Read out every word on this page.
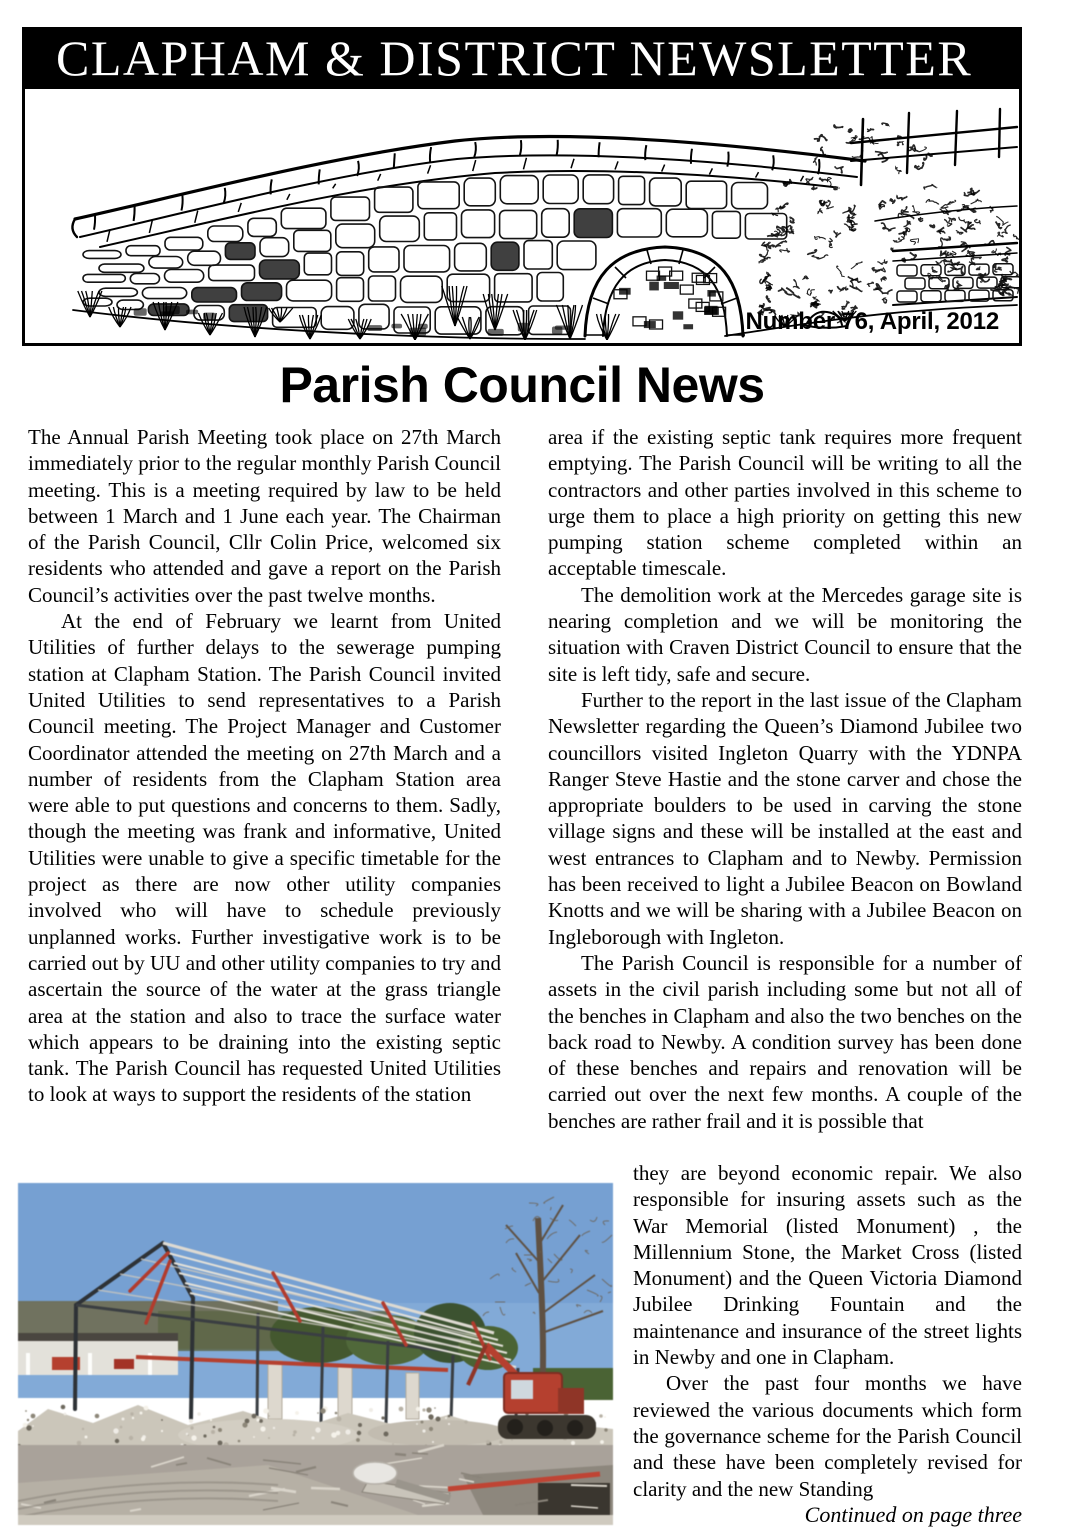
CLAPHAM & DISTRICT NEWSLETTER
Number 76, April, 2012
Parish Council News

The Annual Parish Meeting took place on 27th March immediately prior to the regular monthly Parish Council meeting. This is a meeting required by law to be held between 1 March and 1 June each year. The Chairman of the Parish Council, Cllr Colin Price, welcomed six residents who attended and gave a report on the Parish Council’s activities over the past twelve months.

At the end of February we learnt from United Utilities of further delays to the sewerage pumping station at Clapham Station. The Parish Council invited United Utilities to send representatives to a Parish Council meeting. The Project Manager and Customer Coordinator attended the meeting on 27th March and a number of residents from the Clapham Station area were able to put questions and concerns to them. Sadly, though the meeting was frank and informative, United Utilities were unable to give a specific timetable for the project as there are now other utility companies involved who will have to schedule previously unplanned works. Further investigative work is to be carried out by UU and other utility companies to try and ascertain the source of the water at the grass triangle area at the station and also to trace the surface water which appears to be draining into the existing septic tank. The Parish Council has requested United Utilities to look at ways to support the residents of the station

area if the existing septic tank requires more frequent emptying. The Parish Council will be writing to all the contractors and other parties involved in this scheme to urge them to place a high priority on getting this new pumping station scheme completed within an acceptable timescale.

The demolition work at the Mercedes garage site is nearing completion and we will be monitoring the situation with Craven District Council to ensure that the site is left tidy, safe and secure.

Further to the report in the last issue of the Clapham Newsletter regarding the Queen’s Diamond Jubilee two councillors visited Ingleton Quarry with the YDNPA Ranger Steve Hastie and the stone carver and chose the appropriate boulders to be used in carving the stone village signs and these will be installed at the east and west entrances to Clapham and to Newby. Permission has been received to light a Jubilee Beacon on Bowland Knotts and we will be sharing with a Jubilee Beacon on Ingleborough with Ingleton.

The Parish Council is responsible for a number of assets in the civil parish including some but not all of the benches in Clapham and also the two benches on the back road to Newby. A condition survey has been done of these benches and repairs and renovation will be carried out over the next few months. A couple of the benches are rather frail and it is possible that

they are beyond economic repair. We also responsible for insuring assets such as the War Memorial (listed Monument) , the Millennium Stone, the Market Cross (listed Monument) and the Queen Victoria Diamond Jubilee Drinking Fountain and the maintenance and insurance of the street lights in Newby and one in Clapham.

Over the past four months we have reviewed the various documents which form the governance scheme for the Parish Council and these have been completely revised for clarity and the new Standing

Continued on page three
